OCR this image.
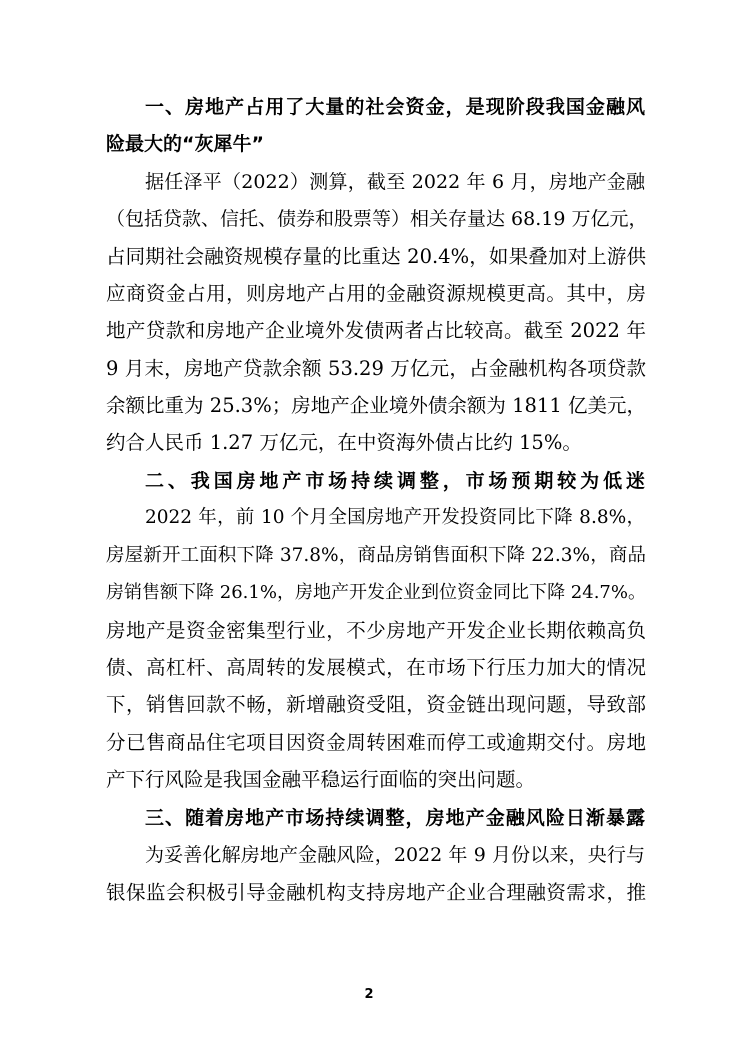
一、房地产占用了大量的社会资金，是现阶段我国金融风
险最大的“灰犀牛”
据任泽平（2022）测算，截至 2022 年 6 月，房地产金融
（包括贷款、信托、债券和股票等）相关存量达 68.19 万亿元，
占同期社会融资规模存量的比重达 20.4%，如果叠加对上游供
应商资金占用，则房地产占用的金融资源规模更高。其中，房
地产贷款和房地产企业境外发债两者占比较高。截至 2022 年
9 月末，房地产贷款余额 53.29 万亿元，占金融机构各项贷款
余额比重为 25.3%；房地产企业境外债余额为 1811 亿美元，
约合人民币 1.27 万亿元，在中资海外债占比约 15%。
二、我国房地产市场持续调整，市场预期较为低迷
2022 年，前 10 个月全国房地产开发投资同比下降 8.8%，
房屋新开工面积下降 37.8%，商品房销售面积下降 22.3%，商品
房销售额下降 26.1%，房地产开发企业到位资金同比下降 24.7%。
房地产是资金密集型行业，不少房地产开发企业长期依赖高负
债、高杠杆、高周转的发展模式，在市场下行压力加大的情况
下，销售回款不畅，新增融资受阻，资金链出现问题，导致部
分已售商品住宅项目因资金周转困难而停工或逾期交付。房地
产下行风险是我国金融平稳运行面临的突出问题。
三、随着房地产市场持续调整，房地产金融风险日渐暴露
为妥善化解房地产金融风险，2022 年 9 月份以来，央行与
银保监会积极引导金融机构支持房地产企业合理融资需求，推
2
